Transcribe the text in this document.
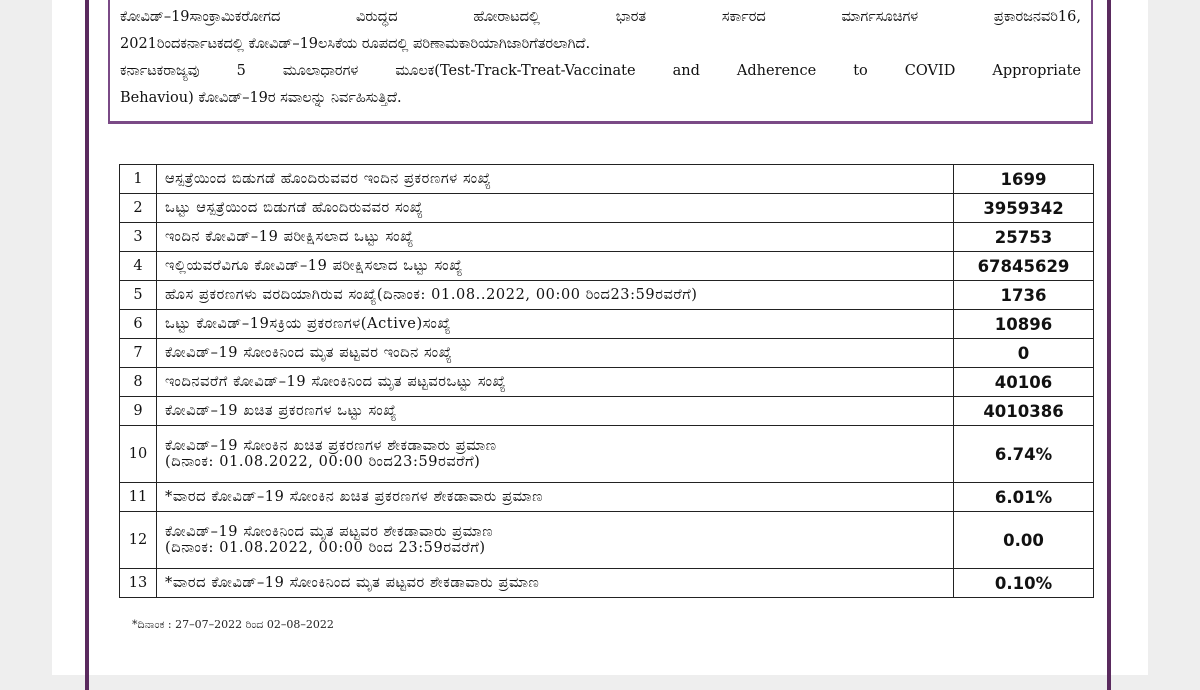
ಕೋವಿಡ್–19ಸಾಂಕ್ರಾಮಿಕರೋಗದ ವಿರುದ್ಧದ ಹೋರಾಟದಲ್ಲಿ ಭಾರತ ಸರ್ಕಾರದ ಮಾರ್ಗಸೂಚಿಗಳ ಪ್ರಕಾರಜನವರಿ16,

2021ರಿಂದಕರ್ನಾಟಕದಲ್ಲಿ ಕೋವಿಡ್–19ಲಸಿಕೆಯ ರೂಪದಲ್ಲಿ ಪರಿಣಾಮಕಾರಿಯಾಗಿಜಾರಿಗೆತರಲಾಗಿದೆ.

ಕರ್ನಾಟಕರಾಜ್ಯವು 5 ಮೂಲಾಧಾರಗಳ ಮೂಲಕ(Test-Track-Treat-Vaccinate and Adherence to COVID Appropriate

Behaviou) ಕೋವಿಡ್–19ರ ಸವಾಲನ್ನು ನಿರ್ವಹಿಸುತ್ತಿದೆ.

1	ಆಸ್ಪತ್ರೆಯಿಂದ ಬಿಡುಗಡೆ ಹೊಂದಿರುವವರ ಇಂದಿನ ಪ್ರಕರಣಗಳ ಸಂಖ್ಯೆ	1699
2	ಒಟ್ಟು ಆಸ್ಪತ್ರೆಯಿಂದ ಬಿಡುಗಡೆ ಹೊಂದಿರುವವರ ಸಂಖ್ಯೆ	3959342
3	ಇಂದಿನ ಕೋವಿಡ್–19 ಪರೀಕ್ಷಿಸಲಾದ ಒಟ್ಟು ಸಂಖ್ಯೆ	25753
4	ಇಲ್ಲಿಯವರೆವಿಗೂ ಕೋವಿಡ್–19 ಪರೀಕ್ಷಿಸಲಾದ ಒಟ್ಟು ಸಂಖ್ಯೆ	67845629
5	ಹೊಸ ಪ್ರಕರಣಗಳು ವರದಿಯಾಗಿರುವ ಸಂಖ್ಯೆ(ದಿನಾಂಕ: 01.08..2022, 00:00 ರಿಂದ23:59ರವರೆಗೆ)	1736
6	ಒಟ್ಟು ಕೋವಿಡ್–19ಸಕ್ರಿಯ ಪ್ರಕರಣಗಳ(Active)ಸಂಖ್ಯೆ	10896
7	ಕೋವಿಡ್–19 ಸೋಂಕಿನಿಂದ ಮೃತ ಪಟ್ಟವರ ಇಂದಿನ ಸಂಖ್ಯೆ	0
8	ಇಂದಿನವರೆಗೆ ಕೋವಿಡ್–19 ಸೋಂಕಿನಿಂದ ಮೃತ ಪಟ್ಟವರಒಟ್ಟು ಸಂಖ್ಯೆ	40106
9	ಕೋವಿಡ್–19 ಖಚಿತ ಪ್ರಕರಣಗಳ ಒಟ್ಟು ಸಂಖ್ಯೆ	4010386
10	ಕೋವಿಡ್–19 ಸೋಂಕಿನ ಖಚಿತ ಪ್ರಕರಣಗಳ ಶೇಕಡಾವಾರು ಪ್ರಮಾಣ
(ದಿನಾಂಕ: 01.08.2022, 00:00 ರಿಂದ23:59ರವರೆಗೆ)	6.74%
11	*ವಾರದ ಕೋವಿಡ್–19 ಸೋಂಕಿನ ಖಚಿತ ಪ್ರಕರಣಗಳ ಶೇಕಡಾವಾರು ಪ್ರಮಾಣ	6.01%
12	ಕೋವಿಡ್–19 ಸೋಂಕಿನಿಂದ ಮೃತ ಪಟ್ಟವರ ಶೇಕಡಾವಾರು ಪ್ರಮಾಣ
(ದಿನಾಂಕ: 01.08.2022, 00:00 ರಿಂದ 23:59ರವರೆಗೆ)	0.00
13	*ವಾರದ ಕೋವಿಡ್–19 ಸೋಂಕಿನಿಂದ ಮೃತ ಪಟ್ಟವರ ಶೇಕಡಾವಾರು ಪ್ರಮಾಣ	0.10%
*ದಿನಾಂಕ : 27–07–2022 ರಿಂದ 02–08–2022
